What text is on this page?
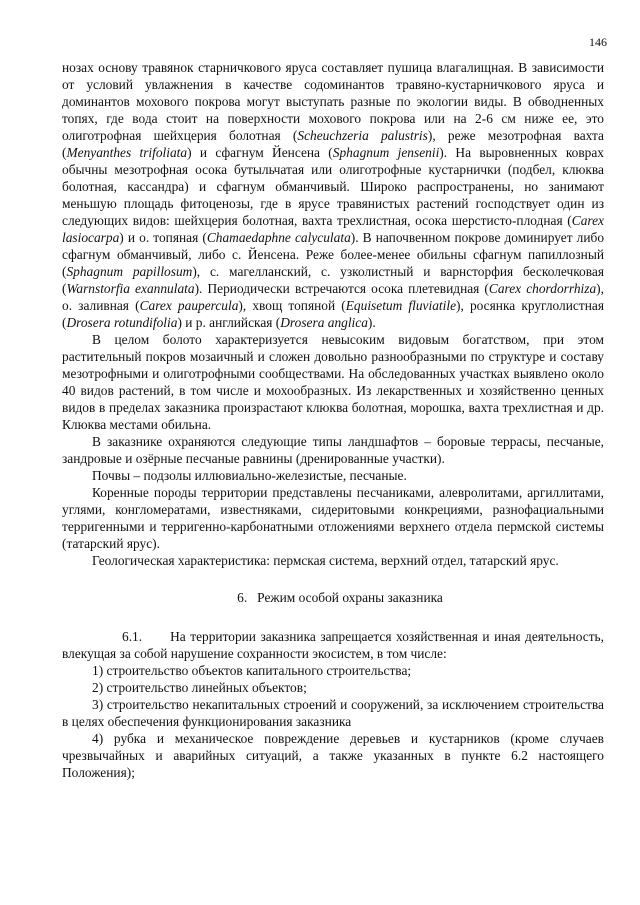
146

нозах основу травянок старничкового яруса составляет пушица влагалищная. В зависимости от условий увлажнения в качестве содоминантов травяно-кустарничкового яруса и доминантов мохового покрова могут выступать разные по экологии виды. В обводненных топях, где вода стоит на поверхности мохового покрова или на 2-6 см ниже ее, это олиготрофная шейхцерия болотная (Scheuchzeria palustris), реже мезотрофная вахта (Menyanthes trifoliata) и сфагнум Йенсена (Sphagnum jensenii). На выровненных коврах обычны мезотрофная осока бутыльчатая или олиготрофные кустарнички (подбел, клюква болотная, кассандра) и сфагнум обманчивый. Широко распространены, но занимают меньшую площадь фитоценозы, где в ярусе травянистых растений господствует один из следующих видов: шейхцерия болотная, вахта трехлистная, осока шерстисто-плодная (Carex lasiocarpa) и о. топяная (Chamaedaphne calyculata). В напочвенном покрове доминирует либо сфагнум обманчивый, либо с. Йенсена. Реже более-менее обильны сфагнум папиллозный (Sphagnum papillosum), с. магелланский, с. узколистный и варнсторфия бесколечковая (Warnstorfia exannulata). Периодически встречаются осока плетевидная (Carex chordorrhiza), о. заливная (Carex paupercula), хвощ топяной (Equisetum fluviatile), росянка круглолистная (Drosera rotundifolia) и р. английская (Drosera anglica).

В целом болото характеризуется невысоким видовым богатством, при этом растительный покров мозаичный и сложен довольно разнообразными по структуре и составу мезотрофными и олиготрофными сообществами. На обследованных участках выявлено около 40 видов растений, в том числе и мохообразных. Из лекарственных и хозяйственно ценных видов в пределах заказника произрастают клюква болотная, морошка, вахта трехлистная и др. Клюква местами обильна.

В заказнике охраняются следующие типы ландшафтов – боровые террасы, песчаные, зандровые и озёрные песчаные равнины (дренированные участки).

Почвы – подзолы иллювиально-железистые, песчаные.

Коренные породы территории представлены песчаниками, алевролитами, аргиллитами, углями, конгломератами, известняками, сидеритовыми конкрециями, разнофациальными терригенными и терригенно-карбонатными отложениями верхнего отдела пермской системы (татарский ярус).

Геологическая характеристика: пермская система, верхний отдел, татарский ярус.

6. Режим особой охраны заказника

6.1. На территории заказника запрещается хозяйственная и иная деятельность, влекущая за собой нарушение сохранности экосистем, в том числе:

1) строительство объектов капитального строительства;

2) строительство линейных объектов;

3) строительство некапитальных строений и сооружений, за исключением строительства в целях обеспечения функционирования заказника

4) рубка и механическое повреждение деревьев и кустарников (кроме случаев чрезвычайных и аварийных ситуаций, а также указанных в пункте 6.2 настоящего Положения);
